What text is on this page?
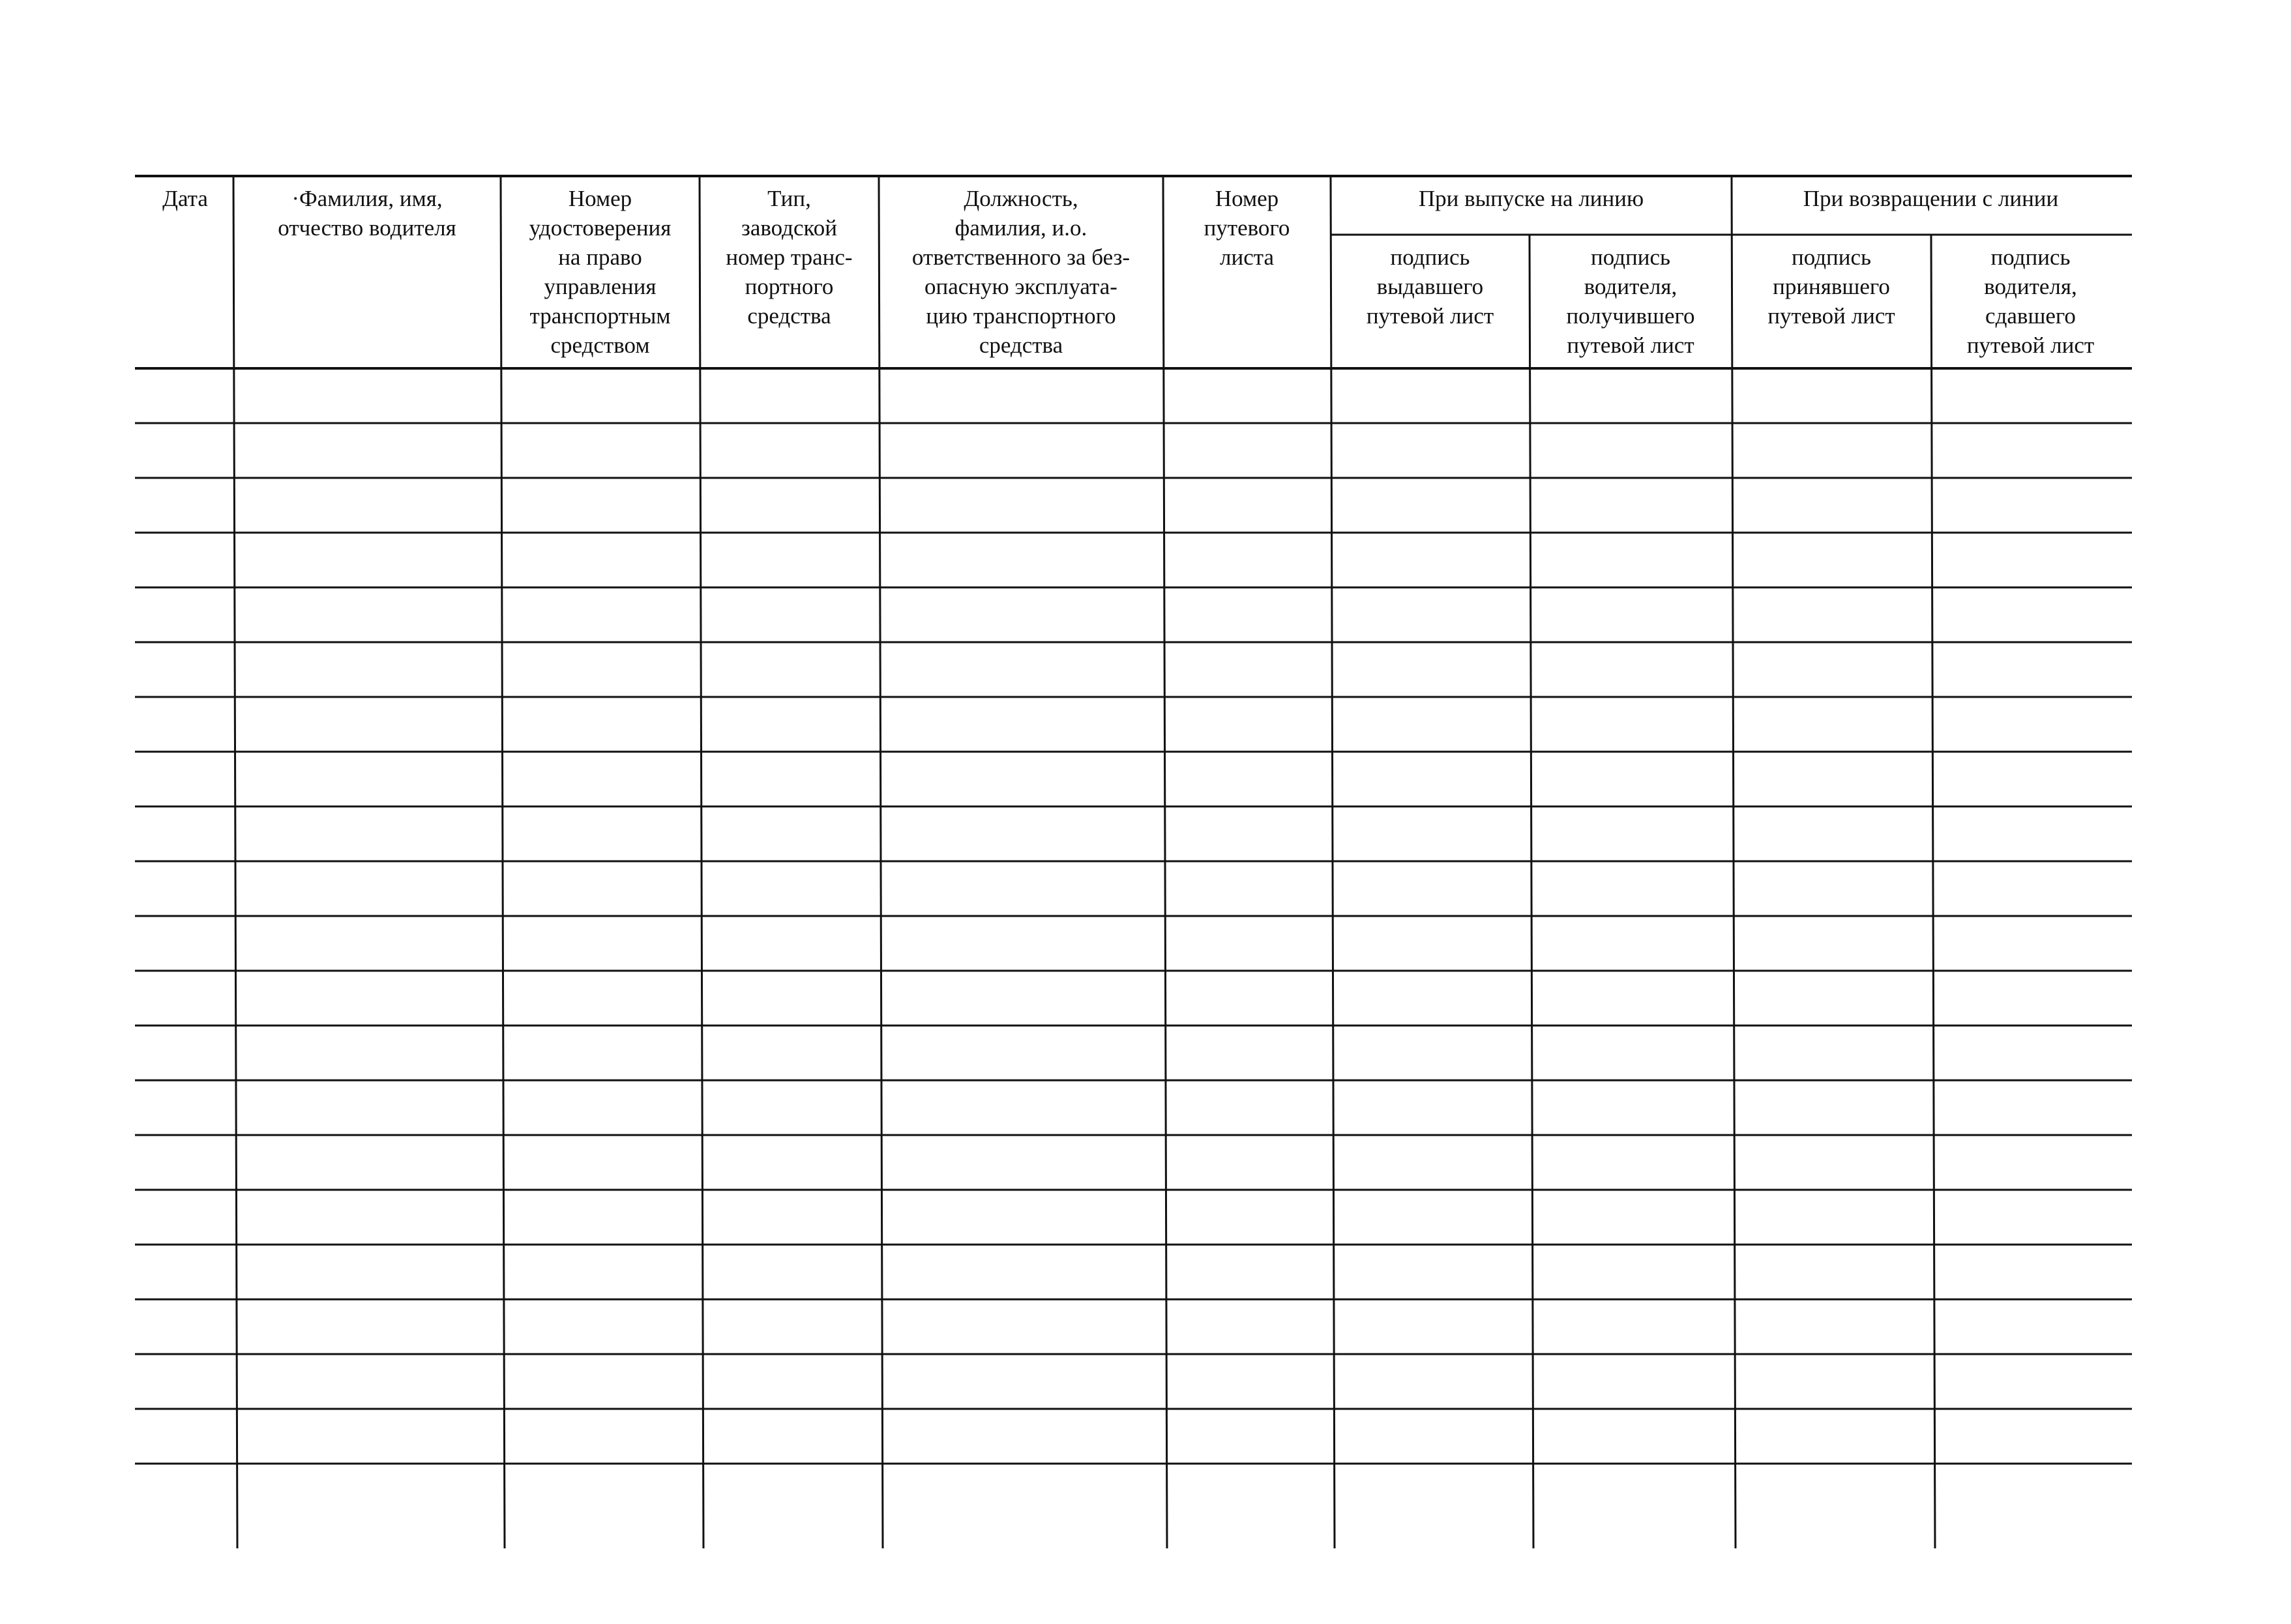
Дата	·Фамилия, имя,
отчество водителя
Номер
удостоверения
на право
управления
транспортным
средством
Тип,
заводской
номер транс-
портного
средства
Должность,
фамилия, и.о.
ответственного за без-
опасную эксплуата-
цию транспортного
средства
Номер
путевого
листа
При выпуске на линию
подпись
выдавшего
путевой лист
подпись
водителя,
получившего
путевой лист
При возвращении с линии
подпись
принявшего
путевой лист
подпись
водителя,
сдавшего
путевой лист
